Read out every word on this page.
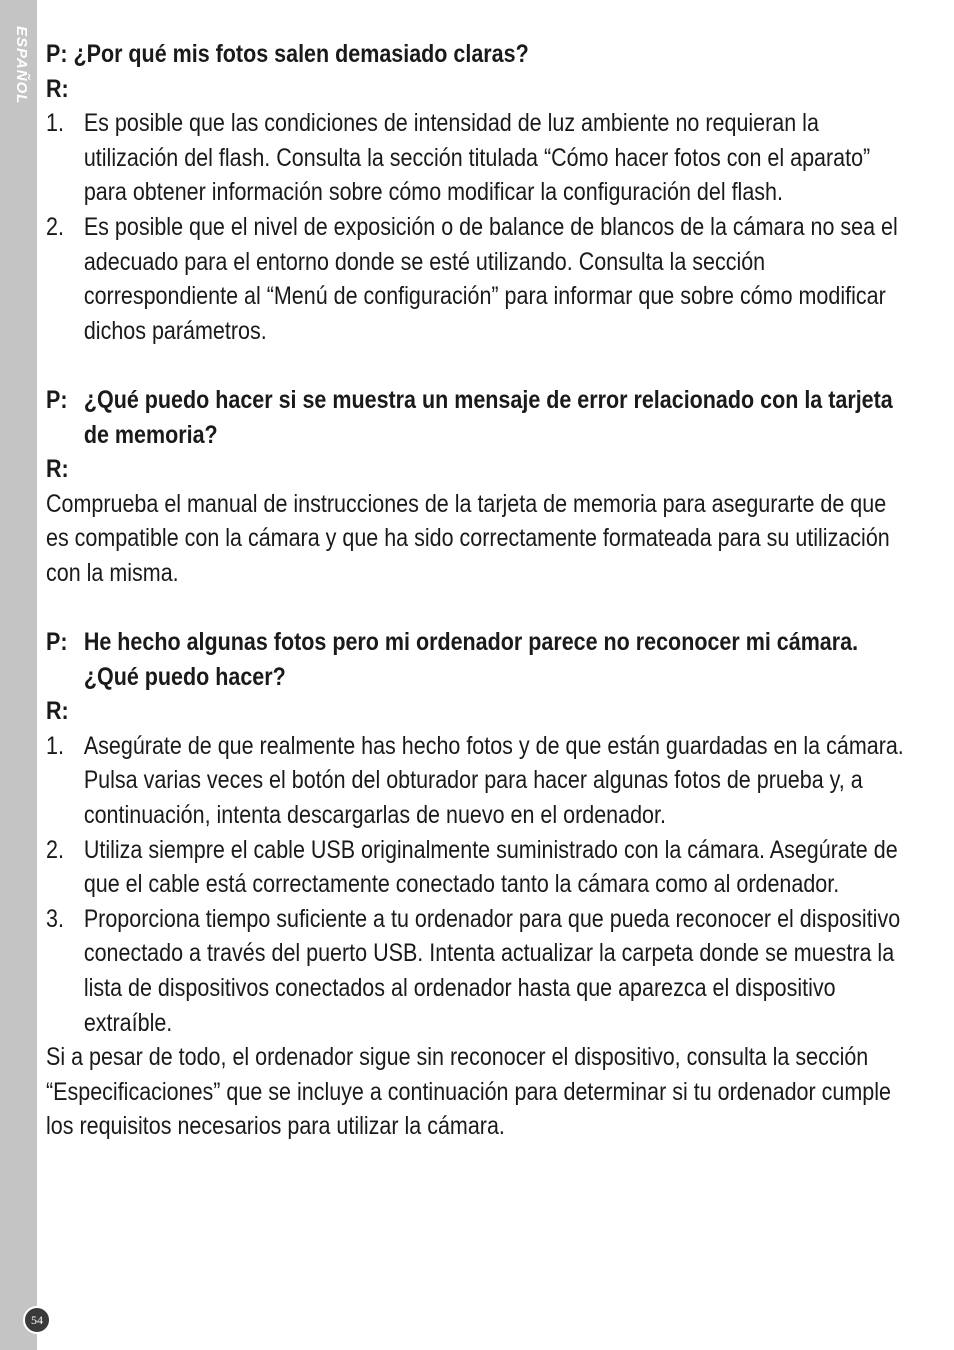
ESPAÑOL
54
P:
¿Por qué mis fotos salen demasiado claras?
R:
1. Es posible que las condiciones de intensidad de luz ambiente no requieran la utilización del flash. Consulta la sección titulada “Cómo hacer fotos con el aparato” para obtener información sobre cómo modificar la configuración del flash.
2. Es posible que el nivel de exposición o de balance de blancos de la cámara no sea el adecuado para el entorno donde se esté utilizando. Consulta la sección correspondiente al “Menú de configuración” para informar que sobre cómo modificar dichos parámetros.
P: ¿Qué puedo hacer si se muestra un mensaje de error relacionado con la tarjeta de memoria?
R:
Comprueba el manual de instrucciones de la tarjeta de memoria para asegurarte de que es compatible con la cámara y que ha sido correctamente formateada para su utilización con la misma.
P: He hecho algunas fotos pero mi ordenador parece no reconocer mi cámara. ¿Qué puedo hacer?
R:
1. Asegúrate de que realmente has hecho fotos y de que están guardadas en la cámara. Pulsa varias veces el botón del obturador para hacer algunas fotos de prueba y, a continuación, intenta descargarlas de nuevo en el ordenador.
2. Utiliza siempre el cable USB originalmente suministrado con la cámara. Asegúrate de que el cable está correctamente conectado tanto la cámara como al ordenador.
3. Proporciona tiempo suficiente a tu ordenador para que pueda reconocer el dispositivo conectado a través del puerto USB. Intenta actualizar la carpeta donde se muestra la lista de dispositivos conectados al ordenador hasta que aparezca el dispositivo extraíble.
Si a pesar de todo, el ordenador sigue sin reconocer el dispositivo, consulta la sección “Especificaciones” que se incluye a continuación para determinar si tu ordenador cumple los requisitos necesarios para utilizar la cámara.
